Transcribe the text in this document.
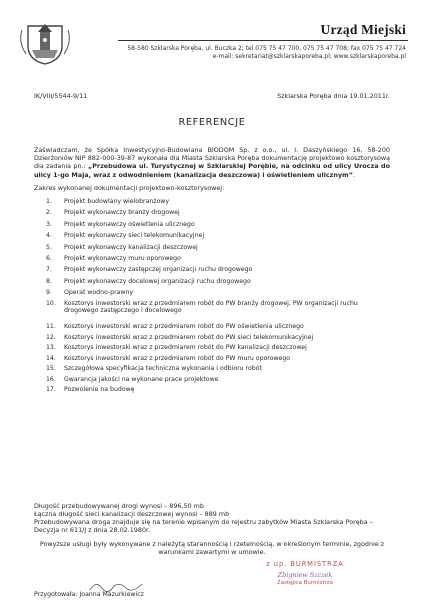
Urząd Miejski
58-580 Szklarska Poręba, ul. Buczka 2; tel.075 75 47 700, 075 75 47 708; fax 075 75 47 724
e-mail: sekretariat@szklarskaporeba.pl; www.szklarskaporeba.pl
IK/VIII/5544-9/11	Szklarska Poręba dnia 19.01.2011r.
REFERENCJE
Zaświadczam, że Spółka Inwestycyjno-Budowlana BIODOM Sp. z o.o., ul. I. Daszyńskiego 16, 58-200 Dzierżoniów NIP 882-000-39-87 wykonała dla Miasta Szklarska Poręba dokumentację projektowo kosztorysową dla zadania pn.: „Przebudowa ul. Turystycznej w Szklarskiej Porębie, na odcinku od ulicy Urocza do ulicy 1-go Maja, wraz z odwodnieniem (kanalizacja deszczowa) i oświetleniem ulicznym”.
Zakres wykonanej dokumentacji projektowo-kosztorysowej:
1. Projekt budowlany wielobranżowy
2. Projekt wykonawczy branży drogowej
3. Projekt wykonawczy oświetlenia ulicznego
4. Projekt wykonawczy sieci telekomunikacyjnej
5. Projekt wykonawczy kanalizacji deszczowej
6. Projekt wykonawczy muru oporowego
7. Projekt wykonawczy zastępczej organizacji ruchu drogowego
8. Projekt wykonawczy docelowej organizacji ruchu drogowego
9. Operat wodno-prawny
10. Kosztorys inwestorski wraz z przedmiarem robót do PW branży drogowej, PW organizacji ruchu drogowego zastępczego i docelowego
11. Kosztorys inwestorski wraz z przedmiarem robót do PW oświetlenia ulicznego
12. Kosztorys inwestorski wraz z przedmiarem robót do PW sieci telekomunikacyjnej
13. Kosztorys inwestorski wraz z przedmiarem robót do PW kanalizacji deszczowej
14. Kosztorys inwestorski wraz z przedmiarem robót do PW muru oporowego
15. Szczegółowa specyfikacja techniczna wykonania i odbioru robót
16. Gwarancja jakości na wykonane prace projektowe
17. Pozwolenie na budowę
Długość przebudowywanej drogi wynosi – 896,50 mb
Łączna długość sieci kanalizacji deszczowej wynosi – 889 mb
Przebudowywana droga znajduje się na terenie wpisanym do rejestru zabytków Miasta Szklarska Poręba – Decyzja nr 611/J z dnia 28.02.1980r.
Powyższe usługi były wykonywane z należytą starannością i rzetelnością, w określonym terminie, zgodnie z warunkami zawartymi w umowie.
z up. BURMISTRZA
Zbigniew Szczek
Zastępca Burmistrza
Przygotowała: Joanna Mazurkiewicz
